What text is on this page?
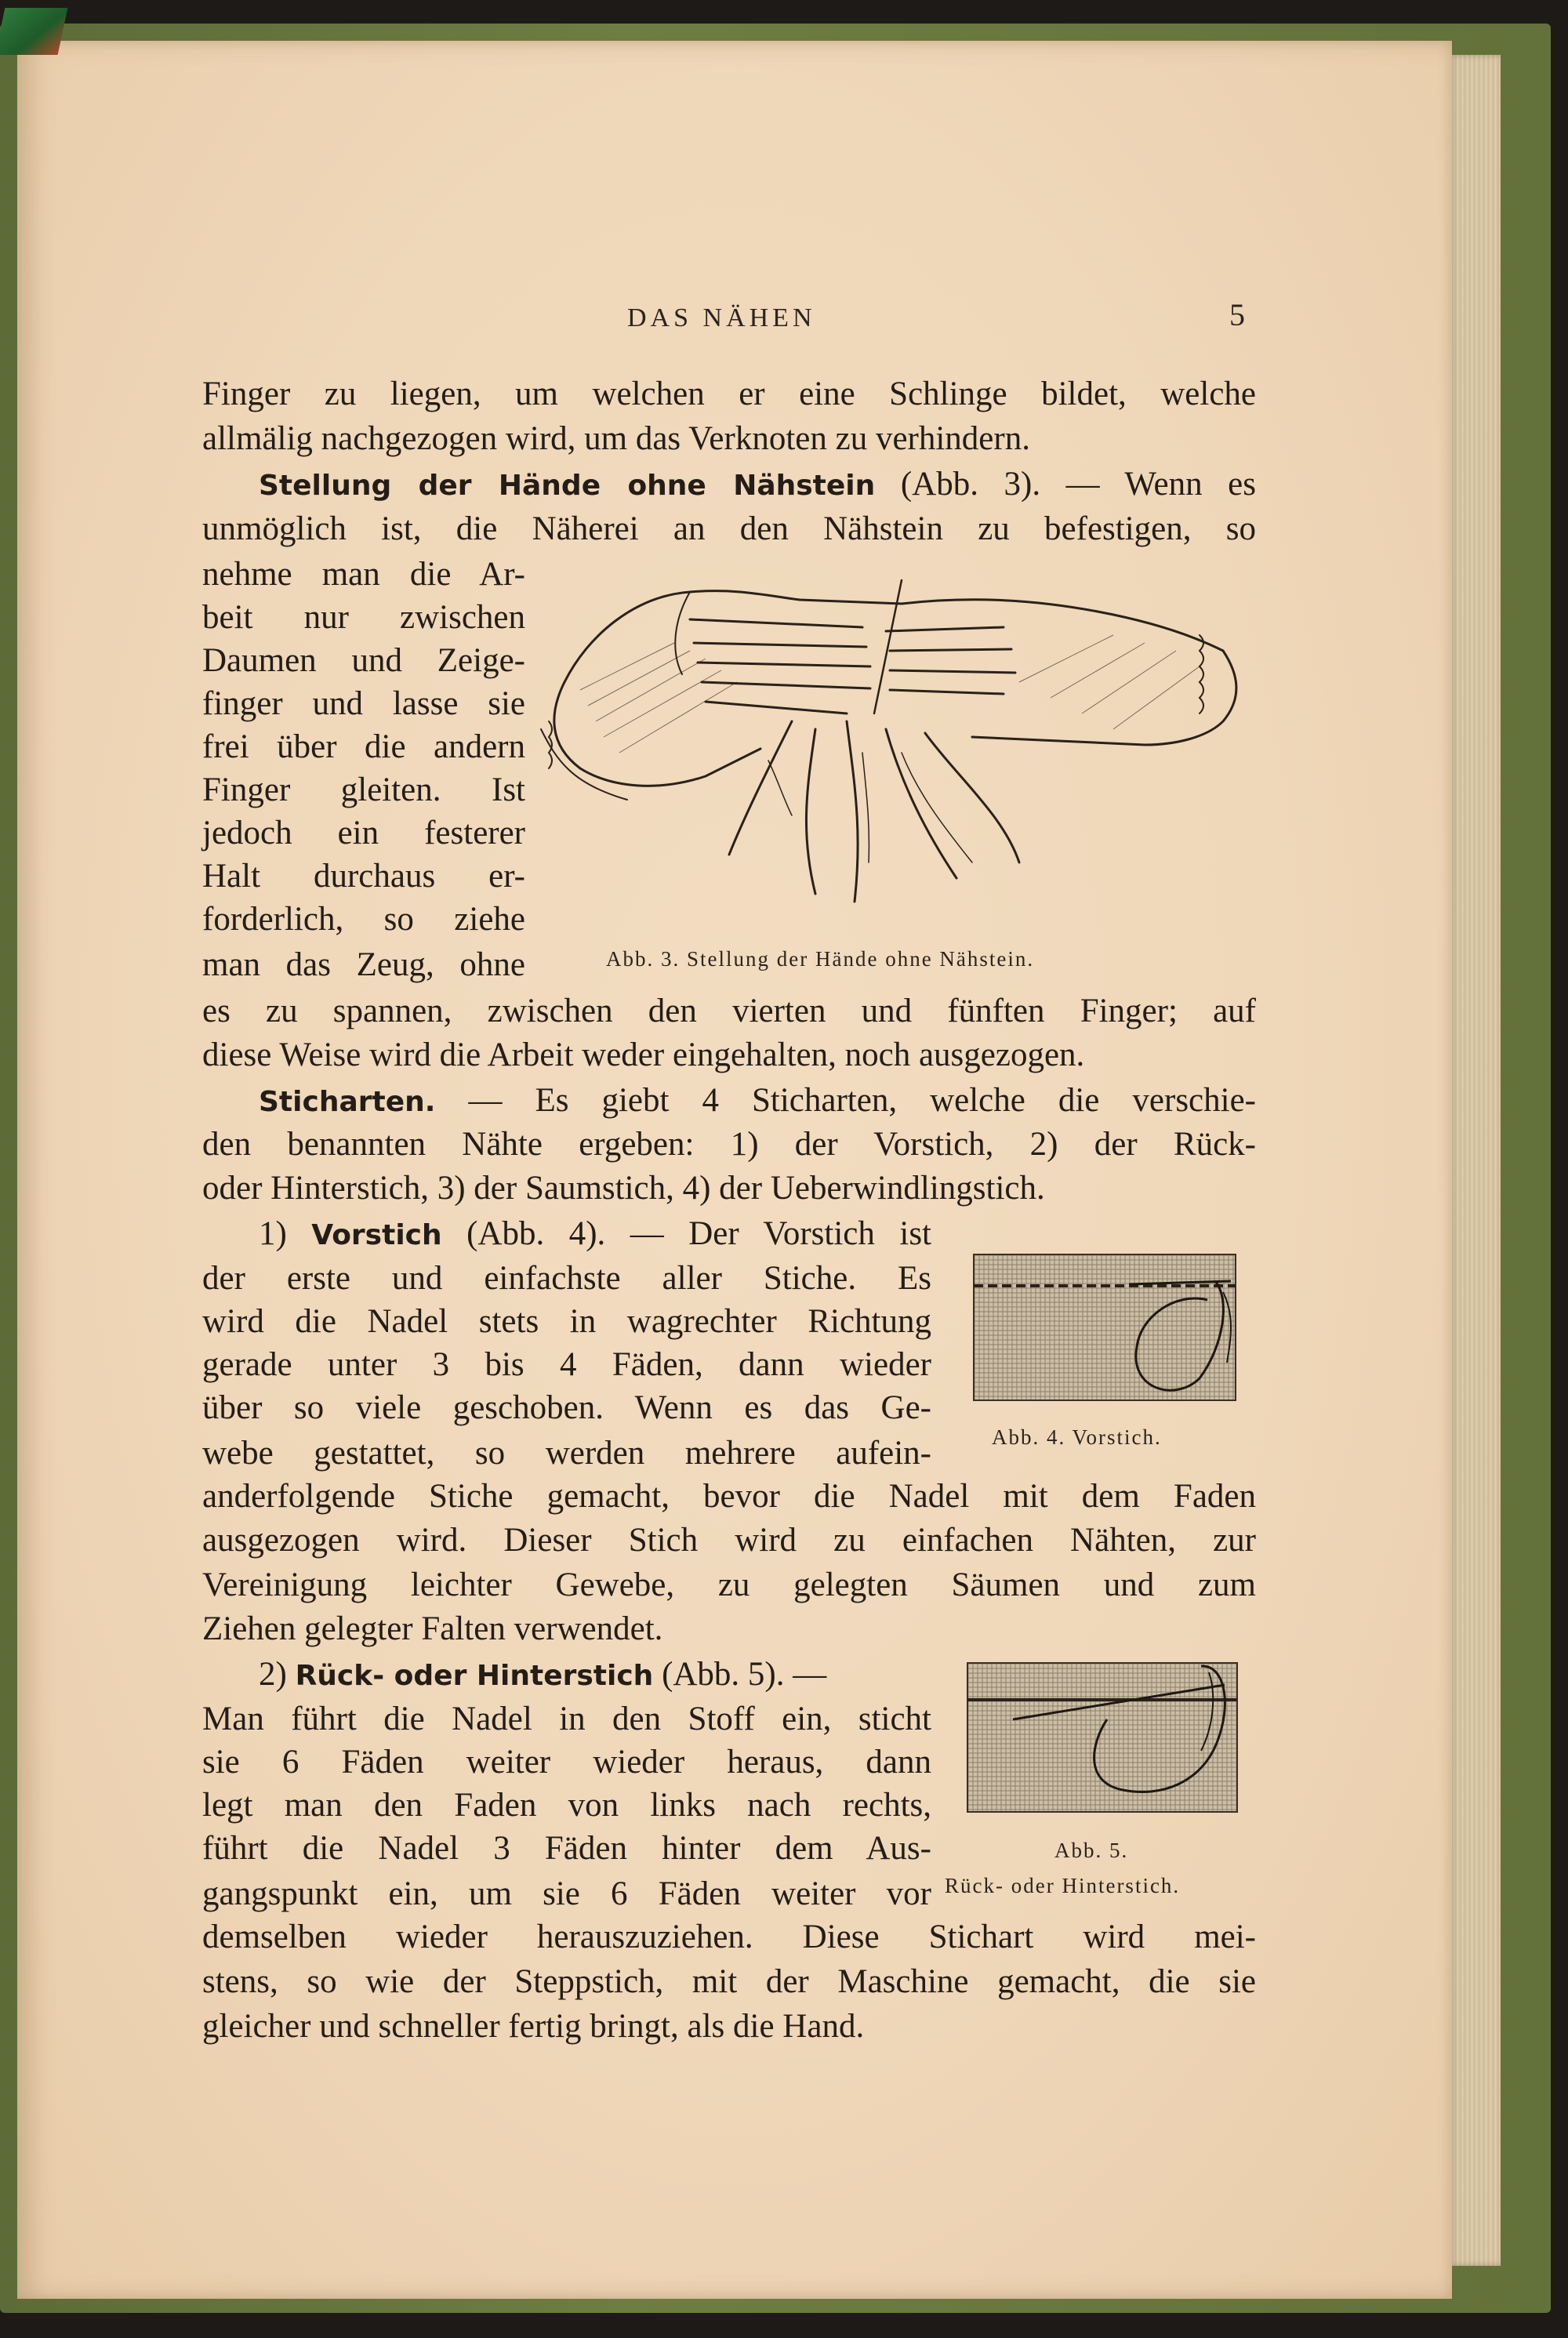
DAS NÄHEN	5
Finger zu liegen, um welchen er eine Schlinge bildet, welche
allmälig nachgezogen wird, um das Verknoten zu verhindern.
Stellung der Hände ohne Nähstein (Abb. 3). — Wenn es
unmöglich ist, die Näherei an den Nähstein zu befestigen, so
nehme man die Ar-
beit nur zwischen
Daumen und Zeige-
finger und lasse sie
frei über die andern
Finger gleiten. Ist
jedoch ein festerer
Halt durchaus er-
forderlich, so ziehe
man das Zeug, ohne	Abb. 3. Stellung der Hände ohne Nähstein.
es zu spannen, zwischen den vierten und fünften Finger; auf
diese Weise wird die Arbeit weder eingehalten, noch ausgezogen.
Sticharten. — Es giebt 4 Sticharten, welche die verschie-
den benannten Nähte ergeben: 1) der Vorstich, 2) der Rück-
oder Hinterstich, 3) der Saumstich, 4) der Ueberwindlingstich.
1) Vorstich (Abb. 4). — Der Vorstich ist
der erste und einfachste aller Stiche. Es
wird die Nadel stets in wagrechter Richtung
gerade unter 3 bis 4 Fäden, dann wieder
über so viele geschoben. Wenn es das Ge-
webe gestattet, so werden mehrere aufein-	Abb. 4. Vorstich.
anderfolgende Stiche gemacht, bevor die Nadel mit dem Faden
ausgezogen wird. Dieser Stich wird zu einfachen Nähten, zur
Vereinigung leichter Gewebe, zu gelegten Säumen und zum
Ziehen gelegter Falten verwendet.
2) Rück- oder Hinterstich (Abb. 5). —
Man führt die Nadel in den Stoff ein, sticht
sie 6 Fäden weiter wieder heraus, dann
legt man den Faden von links nach rechts,
führt die Nadel 3 Fäden hinter dem Aus-
gangspunkt ein, um sie 6 Fäden weiter vor
Abb. 5.
Rück- oder Hinterstich.
demselben wieder herauszuziehen. Diese Stichart wird mei-
stens, so wie der Steppstich, mit der Maschine gemacht, die sie
gleicher und schneller fertig bringt, als die Hand.
